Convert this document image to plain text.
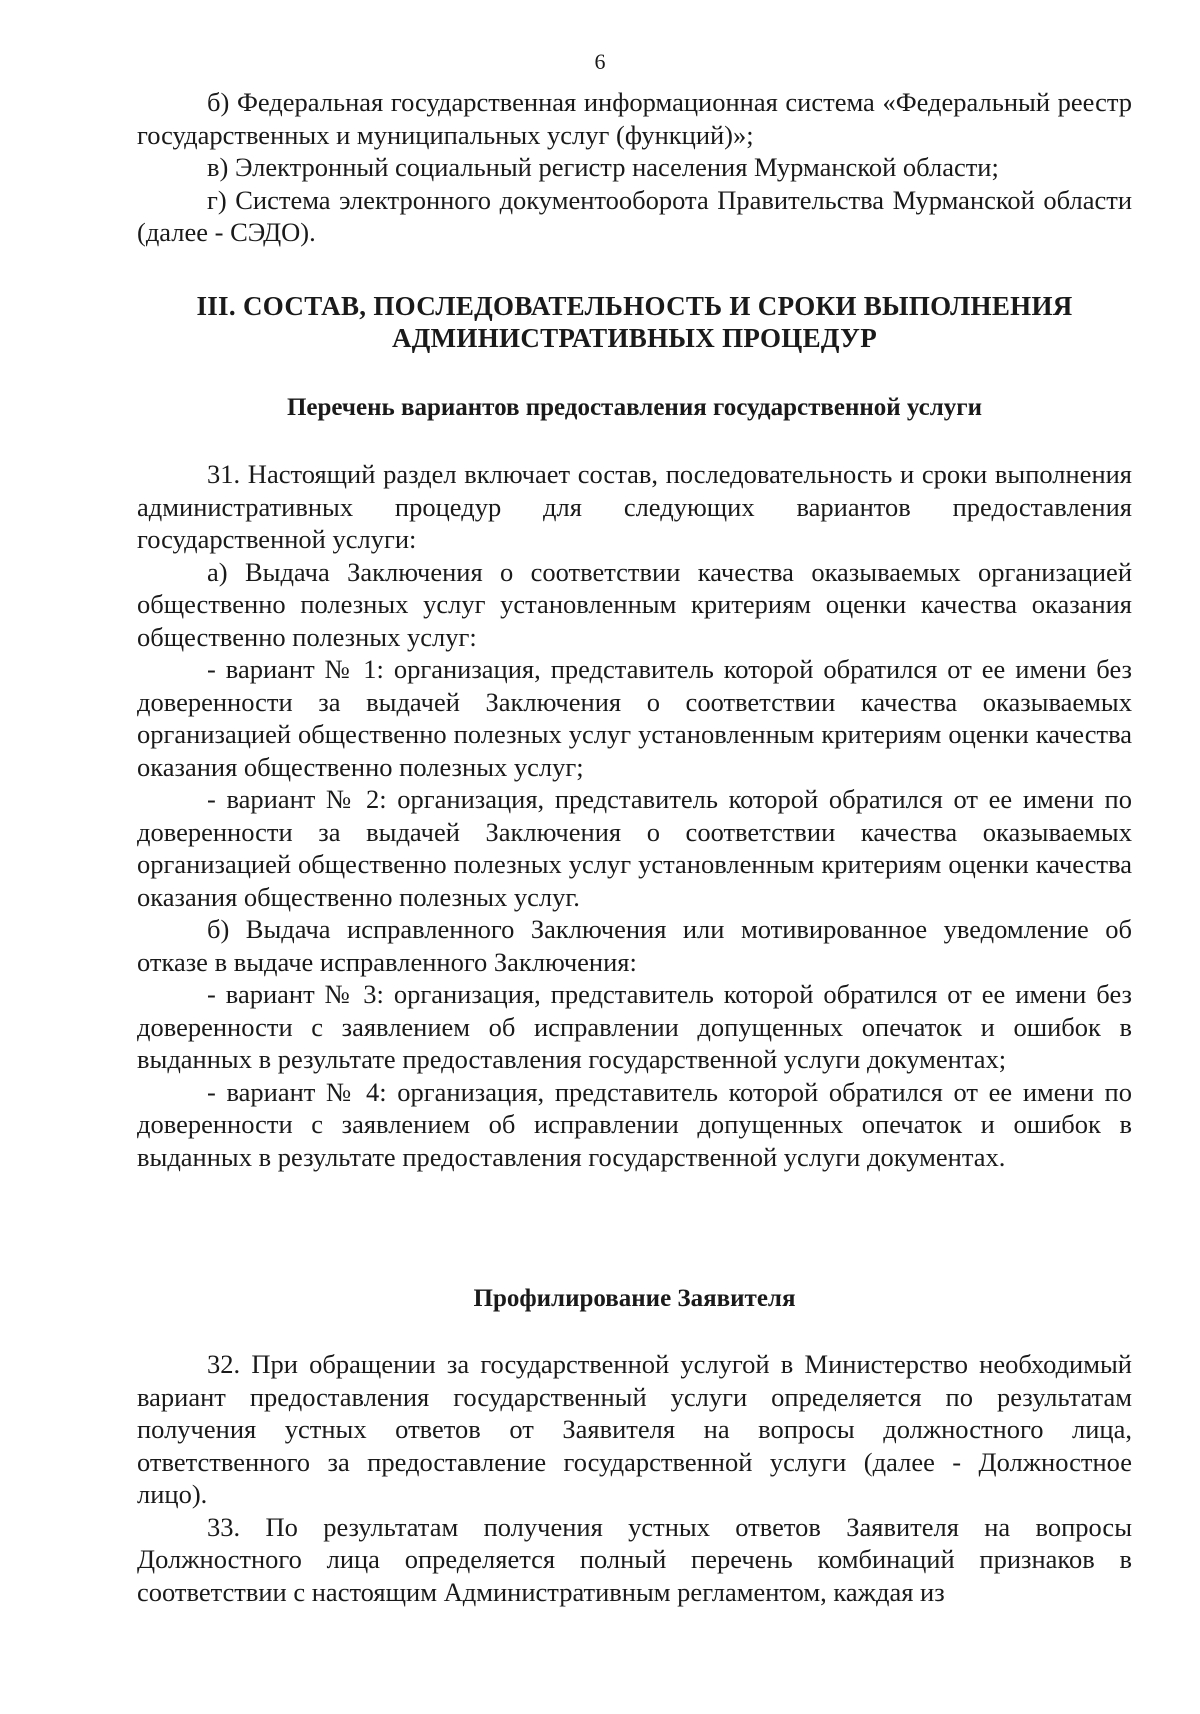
6

б) Федеральная государственная информационная система «Федеральный реестр государственных и муниципальных услуг (функций)»;

в) Электронный социальный регистр населения Мурманской области;

г) Система электронного документооборота Правительства Мурманской области (далее - СЭДО).

III. СОСТАВ, ПОСЛЕДОВАТЕЛЬНОСТЬ И СРОКИ ВЫПОЛНЕНИЯ
АДМИНИСТРАТИВНЫХ ПРОЦЕДУР
Перечень вариантов предоставления государственной услуги

31. Настоящий раздел включает состав, последовательность и сроки выполнения административных процедур для следующих вариантов предоставления государственной услуги:

а) Выдача Заключения о соответствии качества оказываемых организацией общественно полезных услуг установленным критериям оценки качества оказания общественно полезных услуг:

- вариант № 1: организация, представитель которой обратился от ее имени без доверенности за выдачей Заключения о соответствии качества оказываемых организацией общественно полезных услуг установленным критериям оценки качества оказания общественно полезных услуг;

- вариант № 2: организация, представитель которой обратился от ее имени по доверенности за выдачей Заключения о соответствии качества оказываемых организацией общественно полезных услуг установленным критериям оценки качества оказания общественно полезных услуг.

б) Выдача исправленного Заключения или мотивированное уведомление об отказе в выдаче исправленного Заключения:

- вариант № 3: организация, представитель которой обратился от ее имени без доверенности с заявлением об исправлении допущенных опечаток и ошибок в выданных в результате предоставления государственной услуги документах;

- вариант № 4: организация, представитель которой обратился от ее имени по доверенности с заявлением об исправлении допущенных опечаток и ошибок в выданных в результате предоставления государственной услуги документах.

Профилирование Заявителя

32. При обращении за государственной услугой в Министерство необходимый вариант предоставления государственный услуги определяется по результатам получения устных ответов от Заявителя на вопросы должностного лица, ответственного за предоставление государственной услуги (далее - Должностное лицо).

33. По результатам получения устных ответов Заявителя на вопросы Должностного лица определяется полный перечень комбинаций признаков в соответствии с настоящим Административным регламентом, каждая из
